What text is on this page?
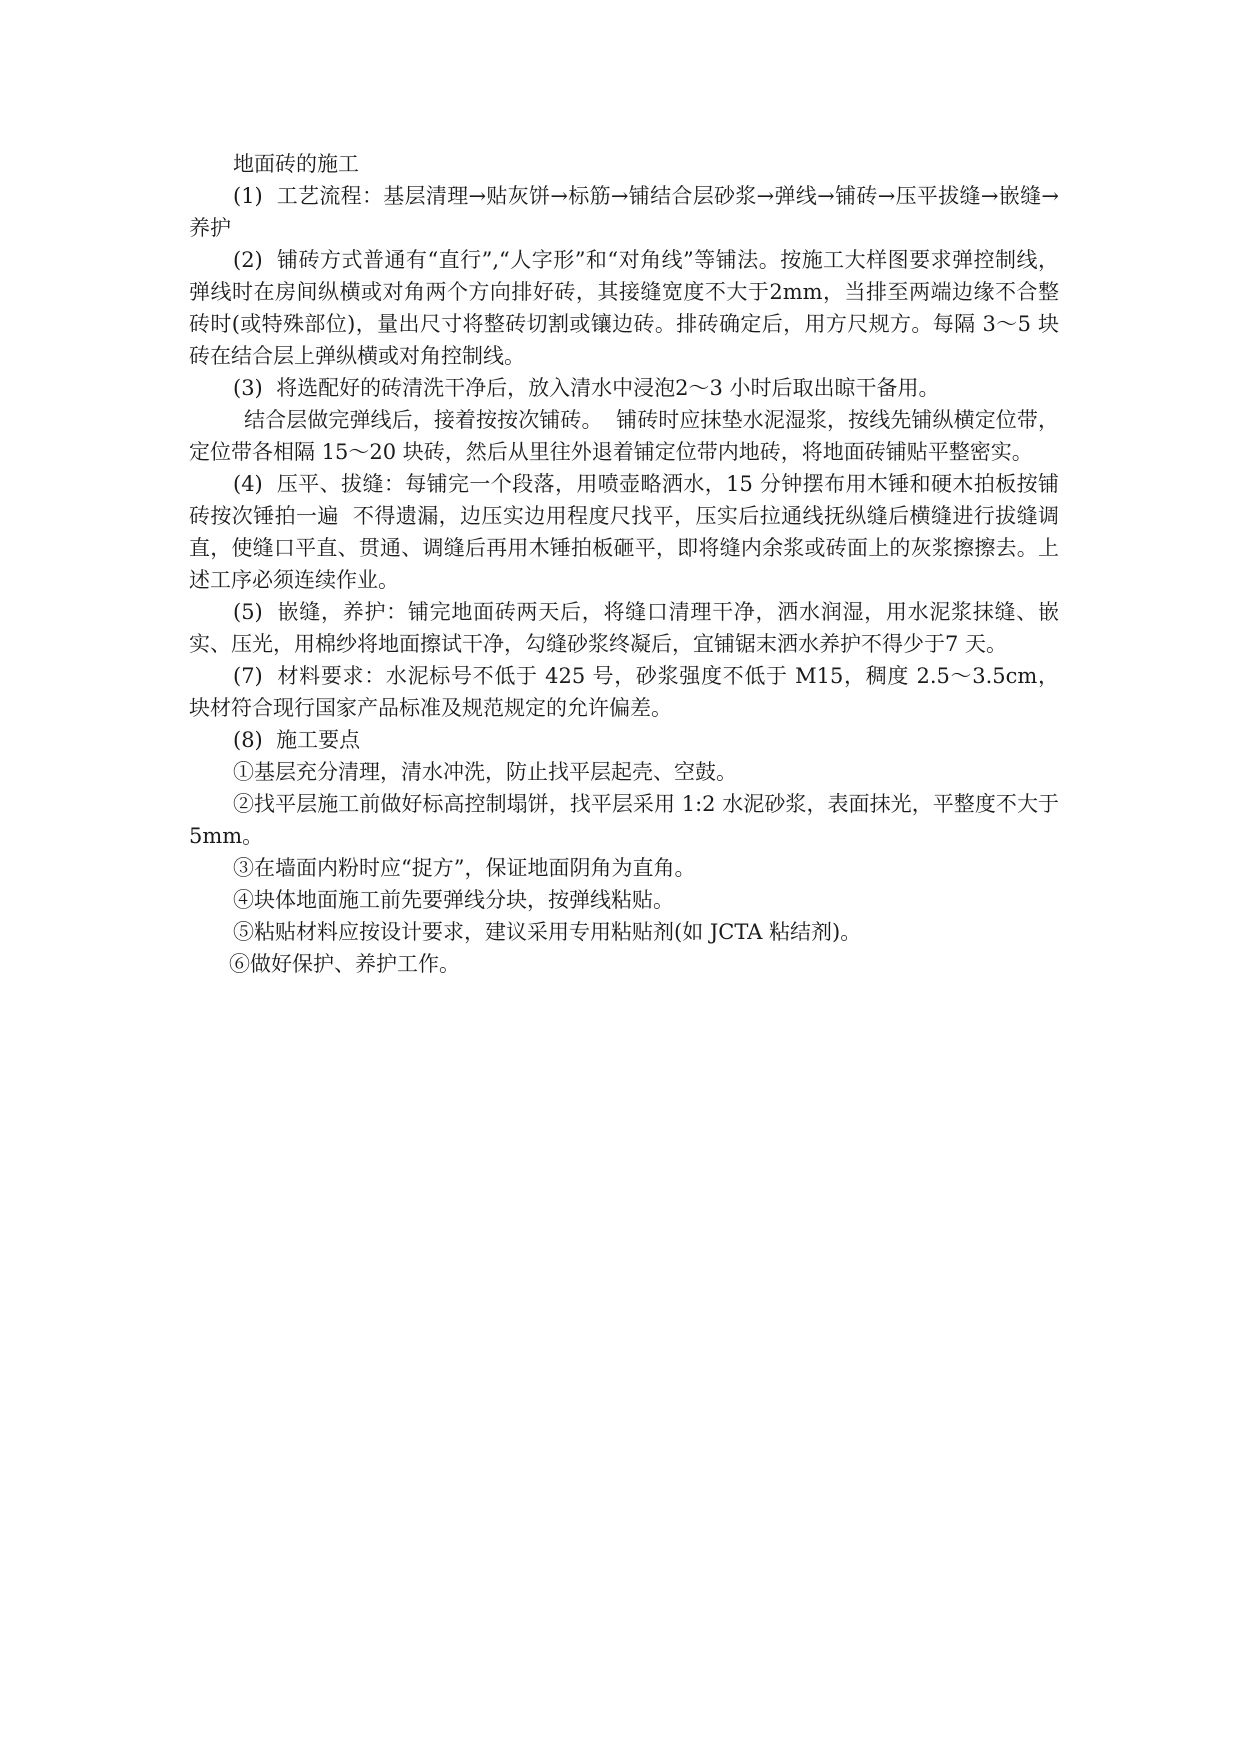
地面砖的施工

(1)  工艺流程：基层清理→贴灰饼→标筋→铺结合层砂浆→弹线→铺砖→压平拔缝→嵌缝→养护

(2)  铺砖方式普通有“直行”,“人字形”和“对角线”等铺法。按施工大样图要求弹控制线，弹线时在房间纵横或对角两个方向排好砖，其接缝宽度不大于2mm，当排至两端边缘不合整砖时(或特殊部位)，量出尺寸将整砖切割或镶边砖。排砖确定后，用方尺规方。每隔 3～5 块砖在结合层上弹纵横或对角控制线。

(3)  将选配好的砖清洗干净后，放入清水中浸泡2～3 小时后取出晾干备用。

结合层做完弹线后，接着按按次铺砖。  铺砖时应抹垫水泥湿浆，按线先铺纵横定位带，    定位带各相隔 15～20 块砖，然后从里往外退着铺定位带内地砖，将地面砖铺贴平整密实。

(4)  压平、拔缝：每铺完一个段落，用喷壶略洒水，15 分钟摆布用木锤和硬木拍板按铺砖按次锤拍一遍  不得遗漏，边压实边用程度尺找平，压实后拉通线抚纵缝后横缝进行拔缝调直，使缝口平直、贯通、调缝后再用木锤拍板砸平，即将缝内余浆或砖面上的灰浆擦擦去。上述工序必须连续作业。

(5)  嵌缝，养护：铺完地面砖两天后，将缝口清理干净，洒水润湿，用水泥浆抹缝、嵌实、压光，用棉纱将地面擦试干净，勾缝砂浆终凝后，宜铺锯末洒水养护不得少于7 天。

(7)  材料要求：水泥标号不低于 425 号，砂浆强度不低于 M15，稠度 2.5～3.5cm，  块材符合现行国家产品标准及规范规定的允许偏差。

(8)  施工要点

①基层充分清理，清水冲洗，防止找平层起壳、空鼓。

②找平层施工前做好标高控制塌饼，找平层采用 1:2 水泥砂浆，表面抹光，平整度不大于5mm。

③在墙面内粉时应“捉方”，保证地面阴角为直角。

④块体地面施工前先要弹线分块，按弹线粘贴。

⑤粘贴材料应按设计要求，建议采用专用粘贴剂(如 JCTA 粘结剂)。

⑥做好保护、养护工作。
